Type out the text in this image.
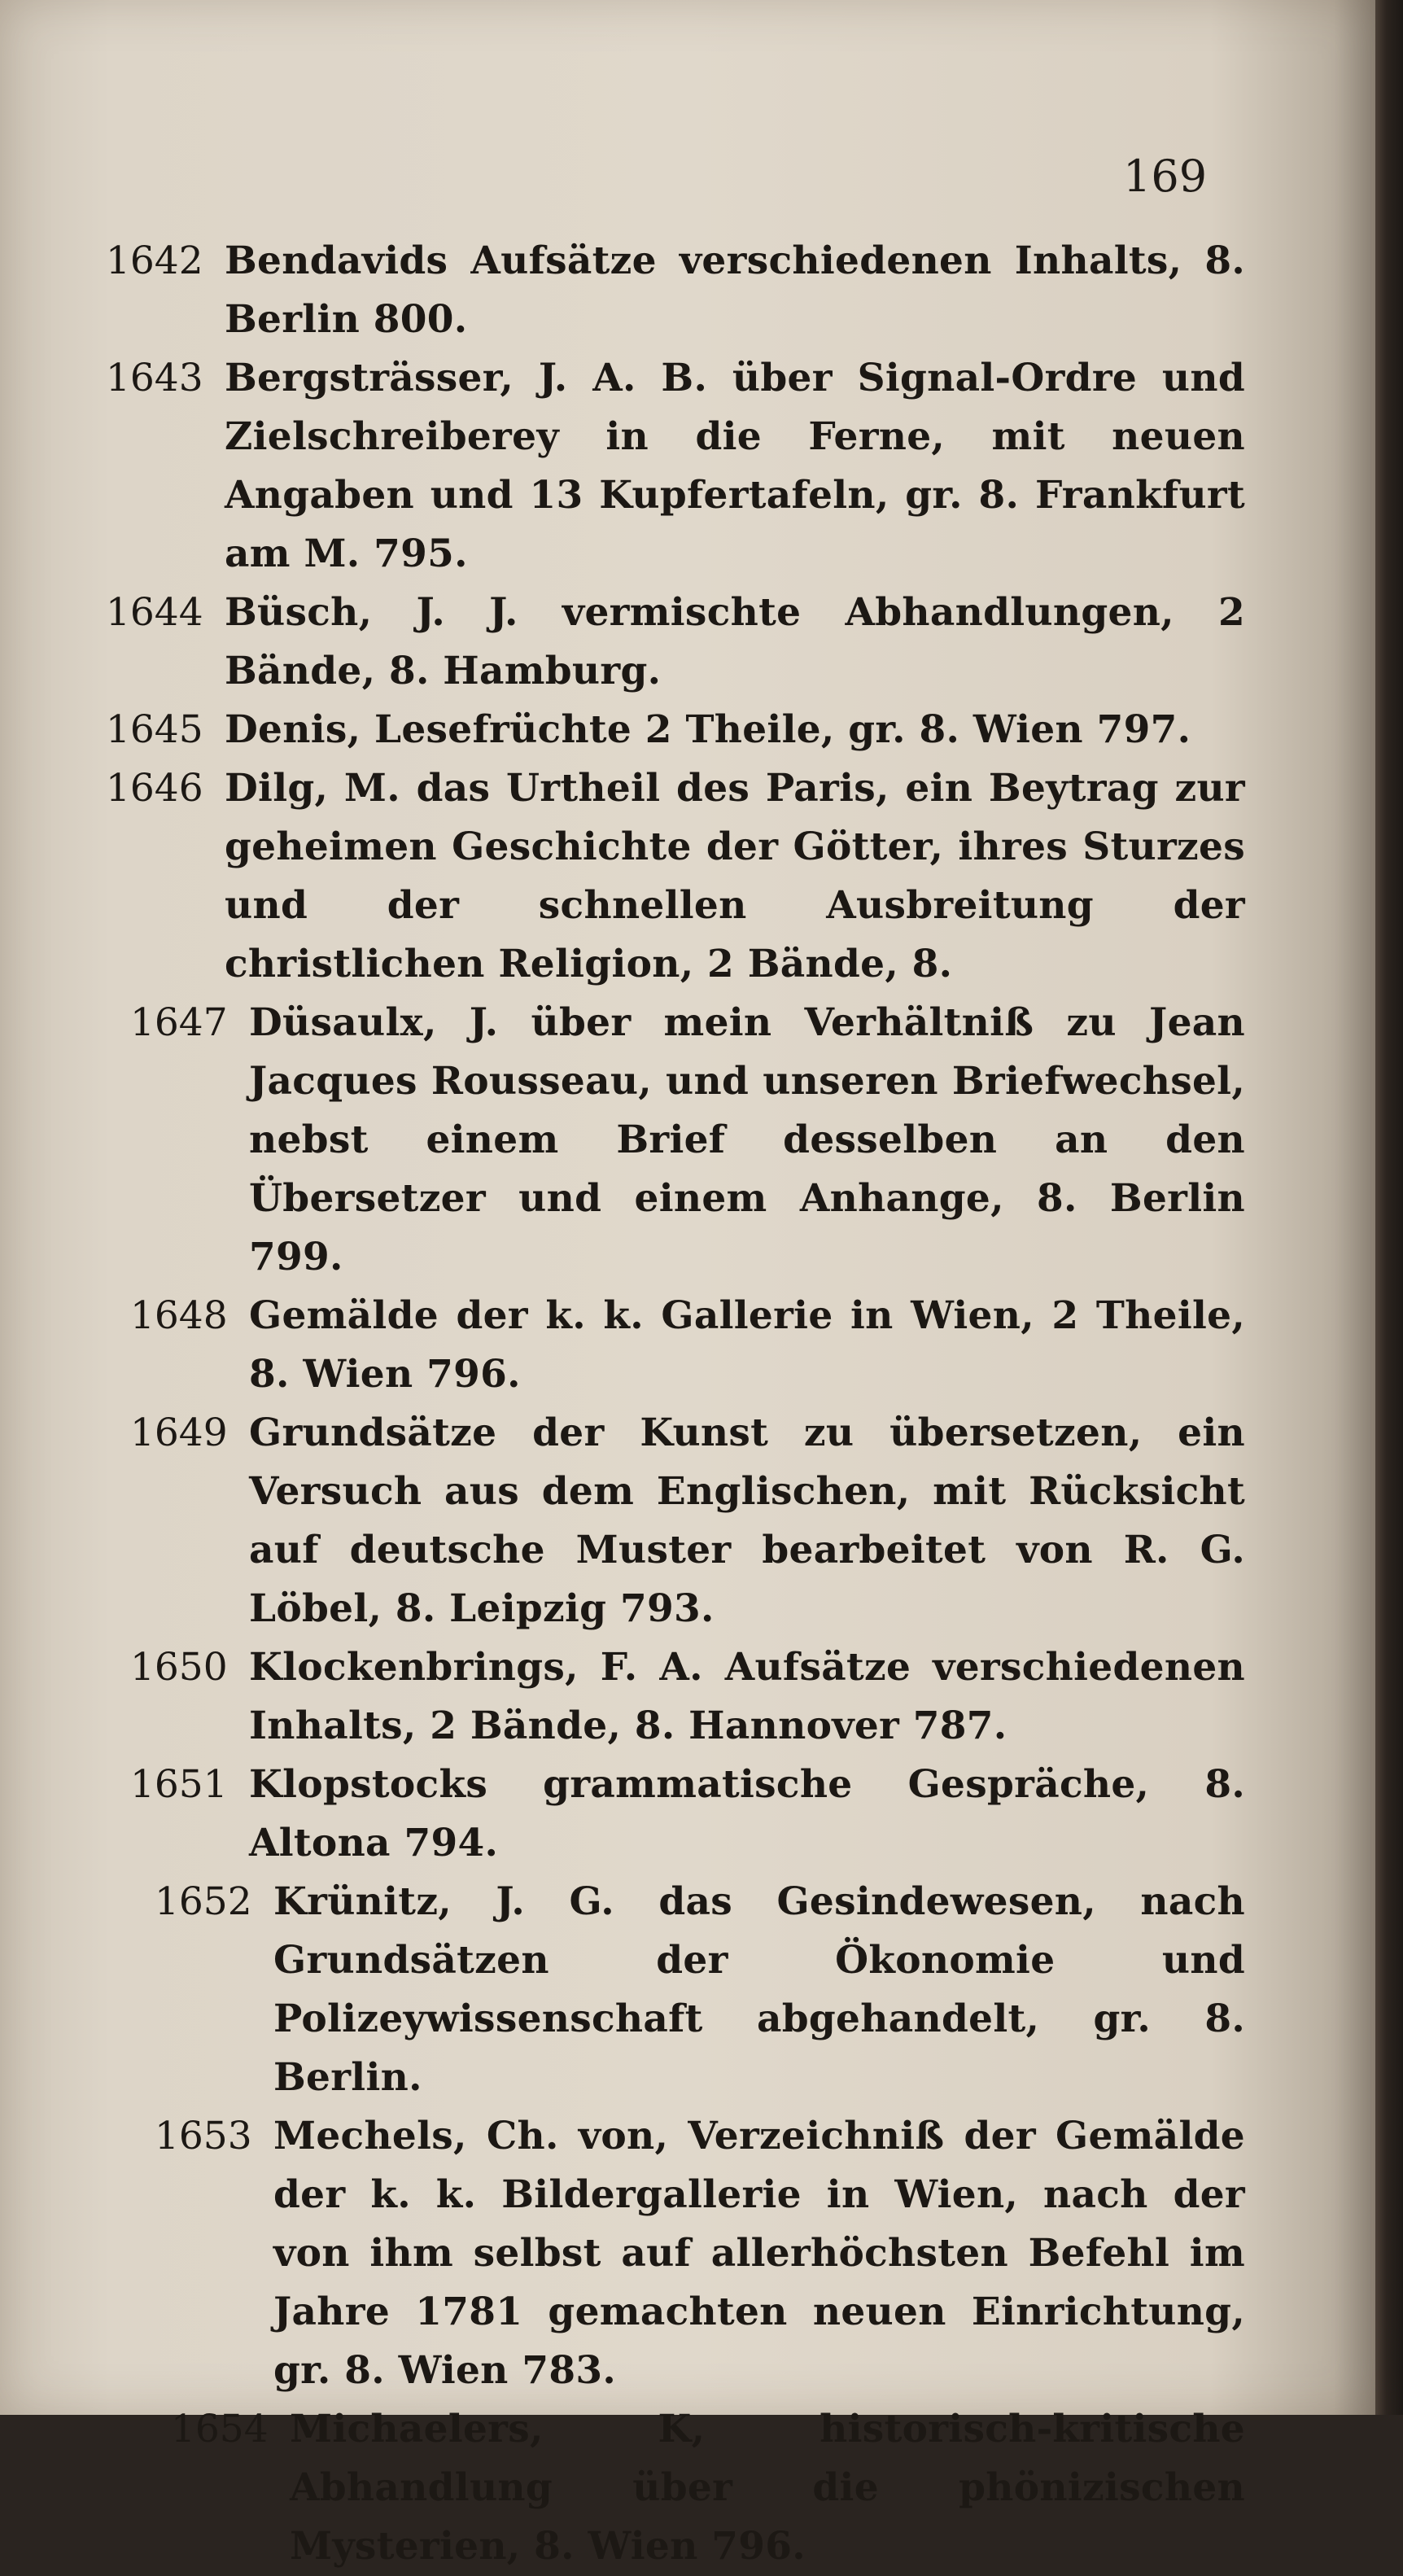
169
1642 Bendavids Aufsätze verschiedenen Inhalts, 8. Berlin 800.
1643 Bergsträsser, J. A. B. über Signal-Ordre und Zielschreiberey in die Ferne, mit neuen Angaben und 13 Kupfertafeln, gr. 8. Frankfurt am M. 795.
1644 Büsch, J. J. vermischte Abhandlungen, 2 Bände, 8. Hamburg.
1645 Denis, Lesefrüchte 2 Theile, gr. 8. Wien 797.
1646 Dilg, M. das Urtheil des Paris, ein Beytrag zur geheimen Geschichte der Götter, ihres Sturzes und der schnellen Ausbreitung der christlichen Religion, 2 Bände, 8.
1647 Düsaulx, J. über mein Verhältniß zu Jean Jacques Rousseau, und unseren Briefwechsel, nebst einem Brief desselben an den Übersetzer und einem Anhange, 8. Berlin 799.
1648 Gemälde der k. k. Gallerie in Wien, 2 Theile, 8. Wien 796.
1649 Grundsätze der Kunst zu übersetzen, ein Versuch aus dem Englischen, mit Rücksicht auf deutsche Muster bearbeitet von R. G. Löbel, 8. Leipzig 793.
1650 Klockenbrings, F. A. Aufsätze verschiedenen Inhalts, 2 Bände, 8. Hannover 787.
1651 Klopstocks grammatische Gespräche, 8. Altona 794.
1652 Krünitz, J. G. das Gesindewesen, nach Grundsätzen der Ökonomie und Polizeywissenschaft abgehandelt, gr. 8. Berlin.
1653 Mechels, Ch. von, Verzeichniß der Gemälde der k. k. Bildergallerie in Wien, nach der von ihm selbst auf allerhöchsten Befehl im Jahre 1781 gemachten neuen Einrichtung, gr. 8. Wien 783.
1654 Michaelers, K, historisch-kritische Abhandlung über die phönizischen Mysterien, 8. Wien 796.
